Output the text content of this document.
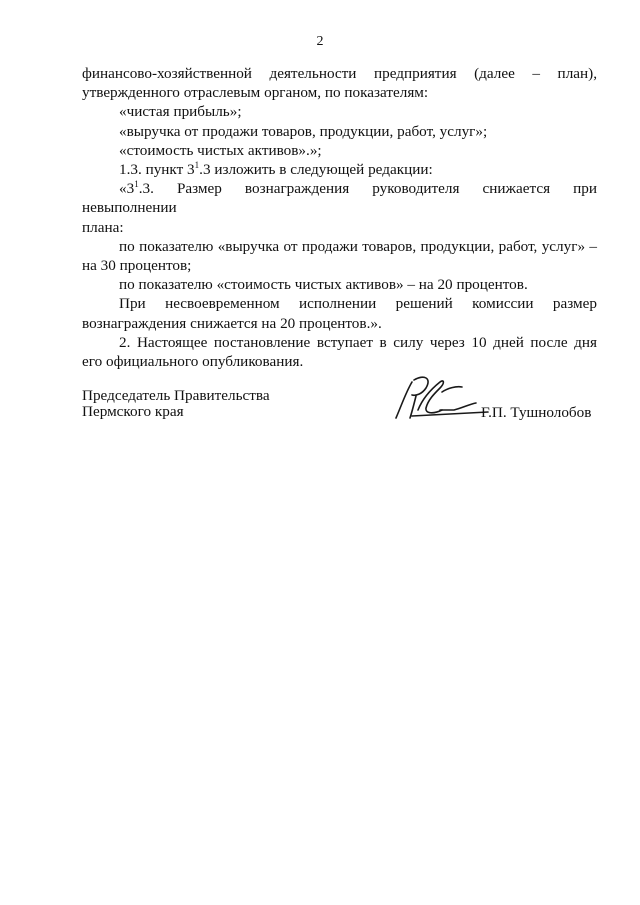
2

финансово-хозяйственной деятельности предприятия (далее – план),

утвержденного отраслевым органом, по показателям:

«чистая прибыль»;

«выручка от продажи товаров, продукции, работ, услуг»;

«стоимость чистых активов».»;

1.3. пункт $3^1.3$ изложить в следующей редакции:

«$3^1.3$. Размер вознаграждения руководителя снижается при невыполнении

плана:

по показателю «выручка от продажи товаров, продукции, работ, услуг» –

на 30 процентов;

по показателю «стоимость чистых активов» – на 20 процентов.

При несвоевременном исполнении решений комиссии размер

вознаграждения снижается на 20 процентов.».

2. Настоящее постановление вступает в силу через 10 дней после дня

его официального опубликования.

Председатель Правительства
Пермского края	Г.П. Тушнолобов
